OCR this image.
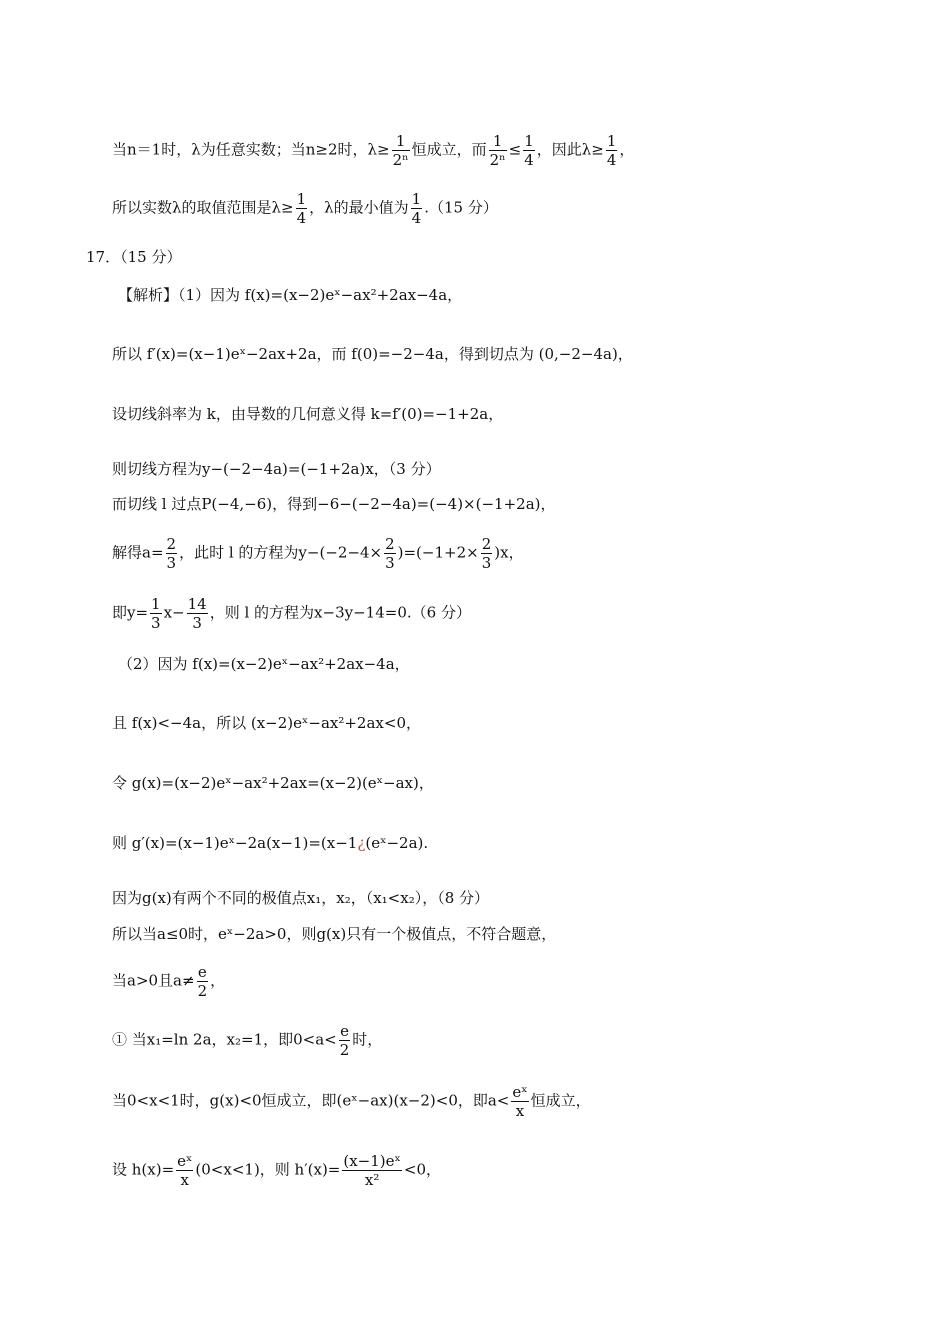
当n＝1时，λ为任意实数；当n≥2时，$\lambda\ge \frac{1}{\text{2ⁿ}}$ 恒成立，而 $\frac{1}{\text{2ⁿ}} \le \frac{1}{4}$ ，因此$\lambda\ge \frac{1}{4}$ ，
所以实数λ的取值范围是$\lambda\ge \frac{1}{4}$ ，λ的最小值为 $\frac{1}{4} .(15$ 分）
17．（15 分）
【解析】（1）因为 f(x)=(x−2)eˣ−ax²+2ax−4a，
所以 f′(x)=(x−1)eˣ−2ax+2a，而 f(0)=−2−4a，得到切点为 (0,−2−4a)，
设切线斜率为 k，由导数的几何意义得 k=f′(0)=−1+2a，
则切线方程为y−(−2−4a)=(−1+2a)x，（3 分）
而切线 l 过点P(−4,−6)，得到−6−(−2−4a)=(−4)×(−1+2a)，
解得$a= \frac{2}{3}$ ，此时 l 的方程为$y-(-2-4\times \frac{2}{3} )=(-1+2\times \frac{2}{3} )x$，
即$y= \frac{1}{3} x- \frac{14}{3}$ ，则 l 的方程为x−3y−14=0.（6 分）
（2）因为 f(x)=(x−2)eˣ−ax²+2ax−4a，
且 f(x)<−4a，所以 (x−2)eˣ−ax²+2ax<0，
令 g(x)=(x−2)eˣ−ax²+2ax=(x−2)(eˣ−ax)，
则 g′(x)=(x−1)eˣ−2a(x−1)=(x−1¿(eˣ−2a).
因为g(x)有两个不同的极值点x₁，x₂，（x₁<x₂），（8 分）
所以当a≤0时，eˣ−2a>0，则g(x)只有一个极值点，不符合题意，
当a>0且$a\ne \frac{e}{2}$ ，
① 当x₁=ln 2a，x₂=1，即$0<a< \frac{e}{2}$ 时，
当0<x<1时，g(x)<0恒成立，即(eˣ−ax)(x−2)<0，即$a< \frac{\text{eˣ}}{x}$ 恒成立，
设 $h(x)= \frac{\text{eˣ}}{x} (0<x<1)$，则 $h'(x)= \frac{\text{(x−1)eˣ}}{\text{x²}} <0$，
